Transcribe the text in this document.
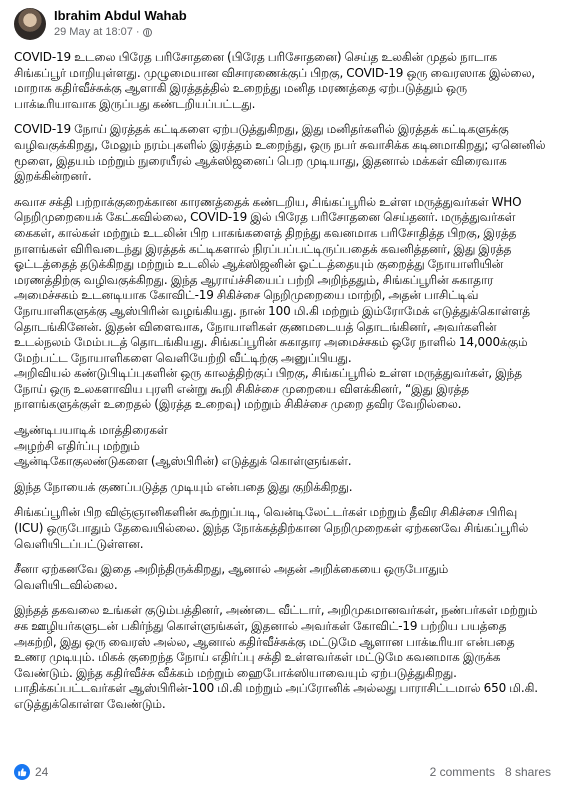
Ibrahim Abdul Wahab
29 May at 18:07 ·

COVID-19 உடலை பிரேத பரிசோதனை (பிரேத பரிசோதனை) செய்த உலகின் முதல் நாடாக சிங்கப்பூர் மாறியுள்ளது. முழுமையான விசாரணைக்குப் பிறகு, COVID-19 ஒரு வைரஸாக இல்லை, மாறாக கதிர்வீச்சுக்கு ஆளாகி இரத்தத்தில் உறைந்து மனித மரணத்தை ஏற்படுத்தும் ஒரு பாக்டீரியாவாக இருப்பது கண்டறியப்பட்டது.

COVID-19 நோய் இரத்தக் கட்டிகளை ஏற்படுத்துகிறது, இது மனிதர்களில் இரத்தக் கட்டிகளுக்கு வழிவகுக்கிறது, மேலும் நரம்புகளில் இரத்தம் உறைந்து, ஒரு நபர் சுவாசிக்க கடினமாகிறது; ஏனெனில் மூளை, இதயம் மற்றும் நுரையீரல் ஆக்ஸிஜனைப் பெற முடியாது, இதனால் மக்கள் விரைவாக இறக்கின்றனர்.

சுவாச சக்தி பற்றாக்குறைக்கான காரணத்தைக் கண்டறிய, சிங்கப்பூரில் உள்ள மருத்துவர்கள் WHO நெறிமுறையைக் கேட்கவில்லை, COVID-19 இல் பிரேத பரிசோதனை செய்தனர். மருத்துவர்கள் கைகள், கால்கள் மற்றும் உடலின் பிற பாகங்களைத் திறந்து கவனமாக பரிசோதித்த பிறகு, இரத்த நாளங்கள் விரிவடைந்து இரத்தக் கட்டிகளால் நிரப்பப்பட்டிருப்பதைக் கவனித்தனர், இது இரத்த ஓட்டத்தைத் தடுக்கிறது மற்றும் உடலில் ஆக்ஸிஜனின் ஓட்டத்தையும் குறைத்து நோயாளியின் மரணத்திற்கு வழிவகுக்கிறது. இந்த ஆராய்ச்சியைப் பற்றி அறிந்ததும், சிங்கப்பூரின் சுகாதார அமைச்சகம் உடனடியாக கோவிட்-19 சிகிச்சை நெறிமுறையை மாற்றி, அதன் பாசிட்டிவ் நோயாளிகளுக்கு ஆஸ்பிரின் வழங்கியது. நான் 100 மி.கி மற்றும் இம்ரோமேக் எடுத்துக்கொள்ளத் தொடங்கினேன். இதன் விளைவாக, நோயாளிகள் குணமடையத் தொடங்கினர், அவர்களின் உடல்நலம் மேம்படத் தொடங்கியது. சிங்கப்பூரின் சுகாதார அமைச்சகம் ஒரே நாளில் 14,000க்கும் மேற்பட்ட நோயாளிகளை வெளியேற்றி வீட்டிற்கு அனுப்பியது.
அறிவியல் கண்டுபிடிப்புகளின் ஒரு காலத்திற்குப் பிறகு, சிங்கப்பூரில் உள்ள மருத்துவர்கள், இந்த நோய் ஒரு உலகளாவிய புரளி என்று கூறி சிகிச்சை முறையை விளக்கினர், “இது இரத்த நாளங்களுக்குள் உறைதல் (இரத்த உறைவு) மற்றும் சிகிச்சை முறை தவிர வேறில்லை.

ஆண்டிபயாடிக் மாத்திரைகள்
அழற்சி எதிர்ப்பு மற்றும்
ஆன்டிகோகுலண்டுகளை (ஆஸ்பிரின்) எடுத்துக் கொள்ளுங்கள்.

இந்த நோயைக் குணப்படுத்த முடியும் என்பதை இது குறிக்கிறது.

சிங்கப்பூரின் பிற விஞ்ஞானிகளின் கூற்றுப்படி, வென்டிலேட்டர்கள் மற்றும் தீவிர சிகிச்சை பிரிவு (ICU) ஒருபோதும் தேவையில்லை. இந்த நோக்கத்திற்கான நெறிமுறைகள் ஏற்கனவே சிங்கப்பூரில் வெளியிடப்பட்டுள்ளன.

சீனா ஏற்கனவே இதை அறிந்திருக்கிறது, ஆனால் அதன் அறிக்கையை ஒருபோதும் வெளியிடவில்லை.

இந்தத் தகவலை உங்கள் குடும்பத்தினர், அண்டை வீட்டார், அறிமுகமானவர்கள், நண்பர்கள் மற்றும் சக ஊழியர்களுடன் பகிர்ந்து கொள்ளுங்கள், இதனால் அவர்கள் கோவிட்-19 பற்றிய பயத்தை அகற்றி, இது ஒரு வைரஸ் அல்ல, ஆனால் கதிர்வீச்சுக்கு மட்டுமே ஆளான பாக்டீரியா என்பதை உணர முடியும். மிகக் குறைந்த நோய் எதிர்ப்பு சக்தி உள்ளவர்கள் மட்டுமே கவனமாக இருக்க வேண்டும். இந்த கதிர்வீச்சு வீக்கம் மற்றும் ஹைபோக்ஸியாவையும் ஏற்படுத்துகிறது. பாதிக்கப்பட்டவர்கள் ஆஸ்பிரின்-100 மி.கி மற்றும் அப்ரோனிக் அல்லது பாராசிட்டமால் 650 மி.கி. எடுத்துக்கொள்ள வேண்டும்.

24	2 comments 8 shares
